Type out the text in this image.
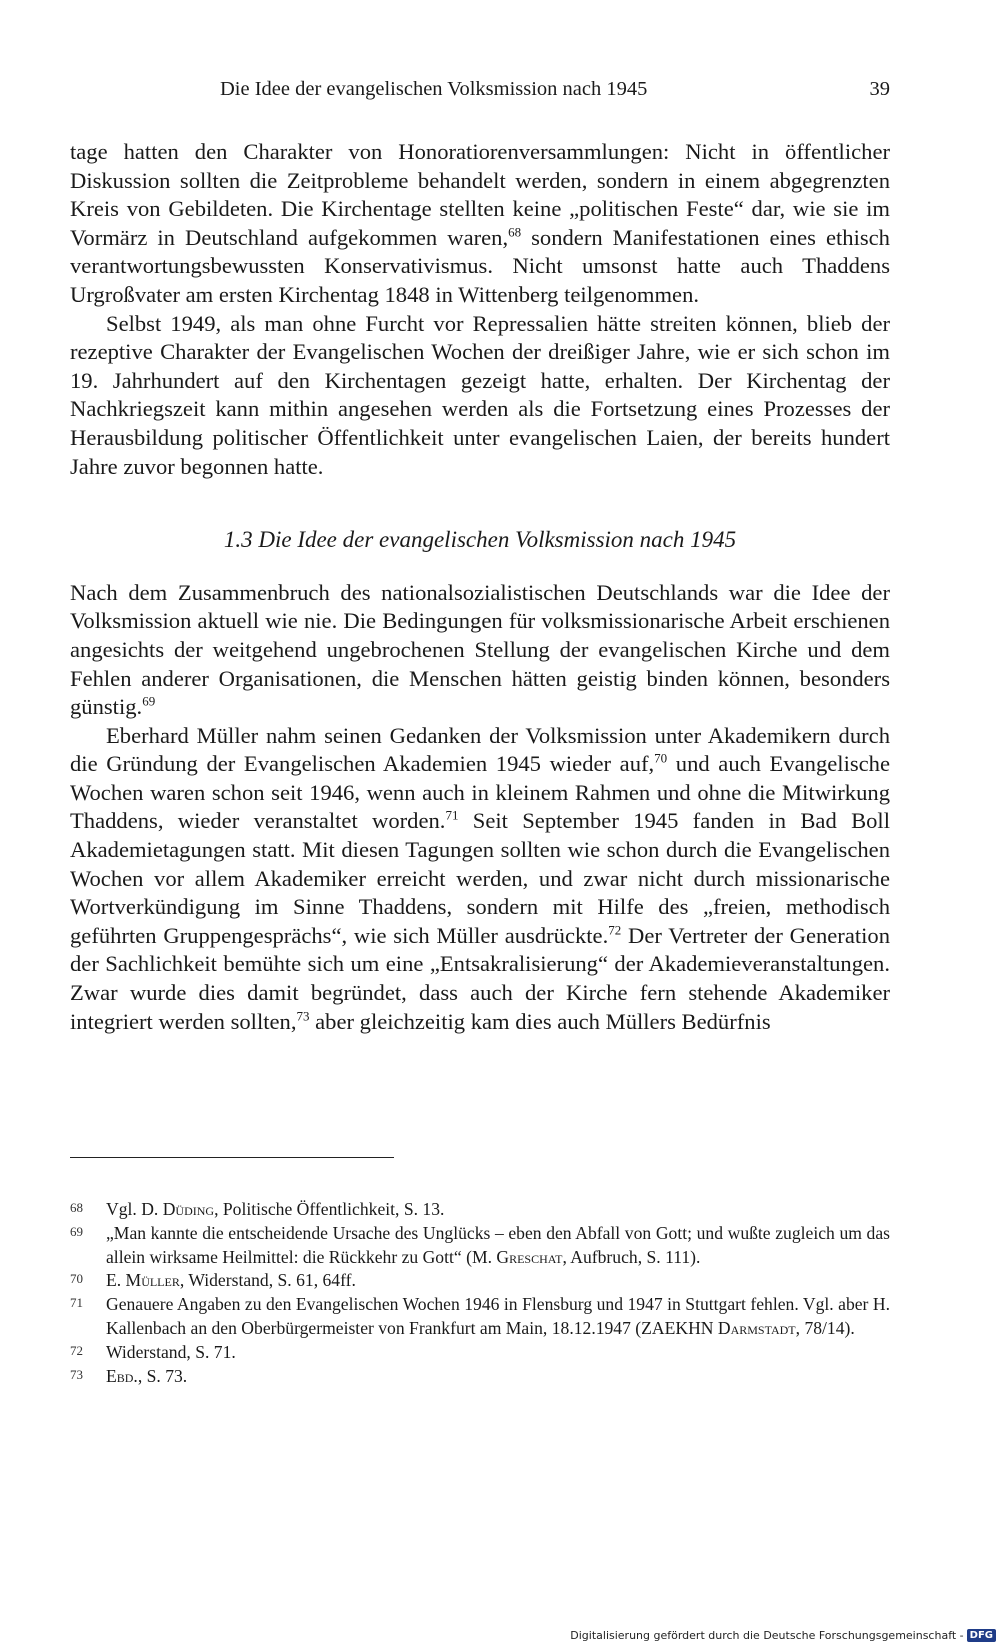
Die Idee der evangelischen Volksmission nach 1945	39

tage hatten den Charakter von Honoratiorenversammlungen: Nicht in öffentlicher Diskussion sollten die Zeitprobleme behandelt werden, sondern in einem abgegrenzten Kreis von Gebildeten. Die Kirchentage stellten keine „politischen Feste“ dar, wie sie im Vormärz in Deutschland aufgekommen waren,$^{68}$ sondern Manifestationen eines ethisch verantwortungsbewussten Konservativismus. Nicht umsonst hatte auch Thaddens Urgroßvater am ersten Kirchentag 1848 in Wittenberg teilgenommen.

Selbst 1949, als man ohne Furcht vor Repressalien hätte streiten können, blieb der rezeptive Charakter der Evangelischen Wochen der dreißiger Jahre, wie er sich schon im 19. Jahrhundert auf den Kirchentagen gezeigt hatte, erhalten. Der Kirchentag der Nachkriegszeit kann mithin angesehen werden als die Fortsetzung eines Prozesses der Herausbildung politischer Öffentlichkeit unter evangelischen Laien, der bereits hundert Jahre zuvor begonnen hatte.

1.3 Die Idee der evangelischen Volksmission nach 1945

Nach dem Zusammenbruch des nationalsozialistischen Deutschlands war die Idee der Volksmission aktuell wie nie. Die Bedingungen für volksmissionarische Arbeit erschienen angesichts der weitgehend ungebrochenen Stellung der evangelischen Kirche und dem Fehlen anderer Organisationen, die Menschen hätten geistig binden können, besonders günstig.$^{69}$

Eberhard Müller nahm seinen Gedanken der Volksmission unter Akademikern durch die Gründung der Evangelischen Akademien 1945 wieder auf,$^{70}$ und auch Evangelische Wochen waren schon seit 1946, wenn auch in kleinem Rahmen und ohne die Mitwirkung Thaddens, wieder veranstaltet worden.$^{71}$ Seit September 1945 fanden in Bad Boll Akademietagungen statt. Mit diesen Tagungen sollten wie schon durch die Evangelischen Wochen vor allem Akademiker erreicht werden, und zwar nicht durch missionarische Wortverkündigung im Sinne Thaddens, sondern mit Hilfe des „freien, methodisch geführten Gruppengesprächs“, wie sich Müller ausdrückte.$^{72}$ Der Vertreter der Generation der Sachlichkeit bemühte sich um eine „Entsakralisierung“ der Akademieveranstaltungen. Zwar wurde dies damit begründet, dass auch der Kirche fern stehende Akademiker integriert werden sollten,$^{73}$ aber gleichzeitig kam dies auch Müllers Bedürfnis

68	Vgl. D. Düding, Politische Öffentlichkeit, S. 13.
69	„Man kannte die entscheidende Ursache des Unglücks – eben den Abfall von Gott; und wußte zugleich um das allein wirksame Heilmittel: die Rückkehr zu Gott“ (M. Greschat, Aufbruch, S. 111).
70	E. Müller, Widerstand, S. 61, 64ff.
71	Genauere Angaben zu den Evangelischen Wochen 1946 in Flensburg und 1947 in Stuttgart fehlen. Vgl. aber H. Kallenbach an den Oberbürgermeister von Frankfurt am Main, 18.12.1947 (ZAEKHN Darmstadt, 78/14).
72	Widerstand, S. 71.
73	Ebd., S. 73.
Digitalisierung gefördert durch die Deutsche Forschungsgemeinschaft - DFG
